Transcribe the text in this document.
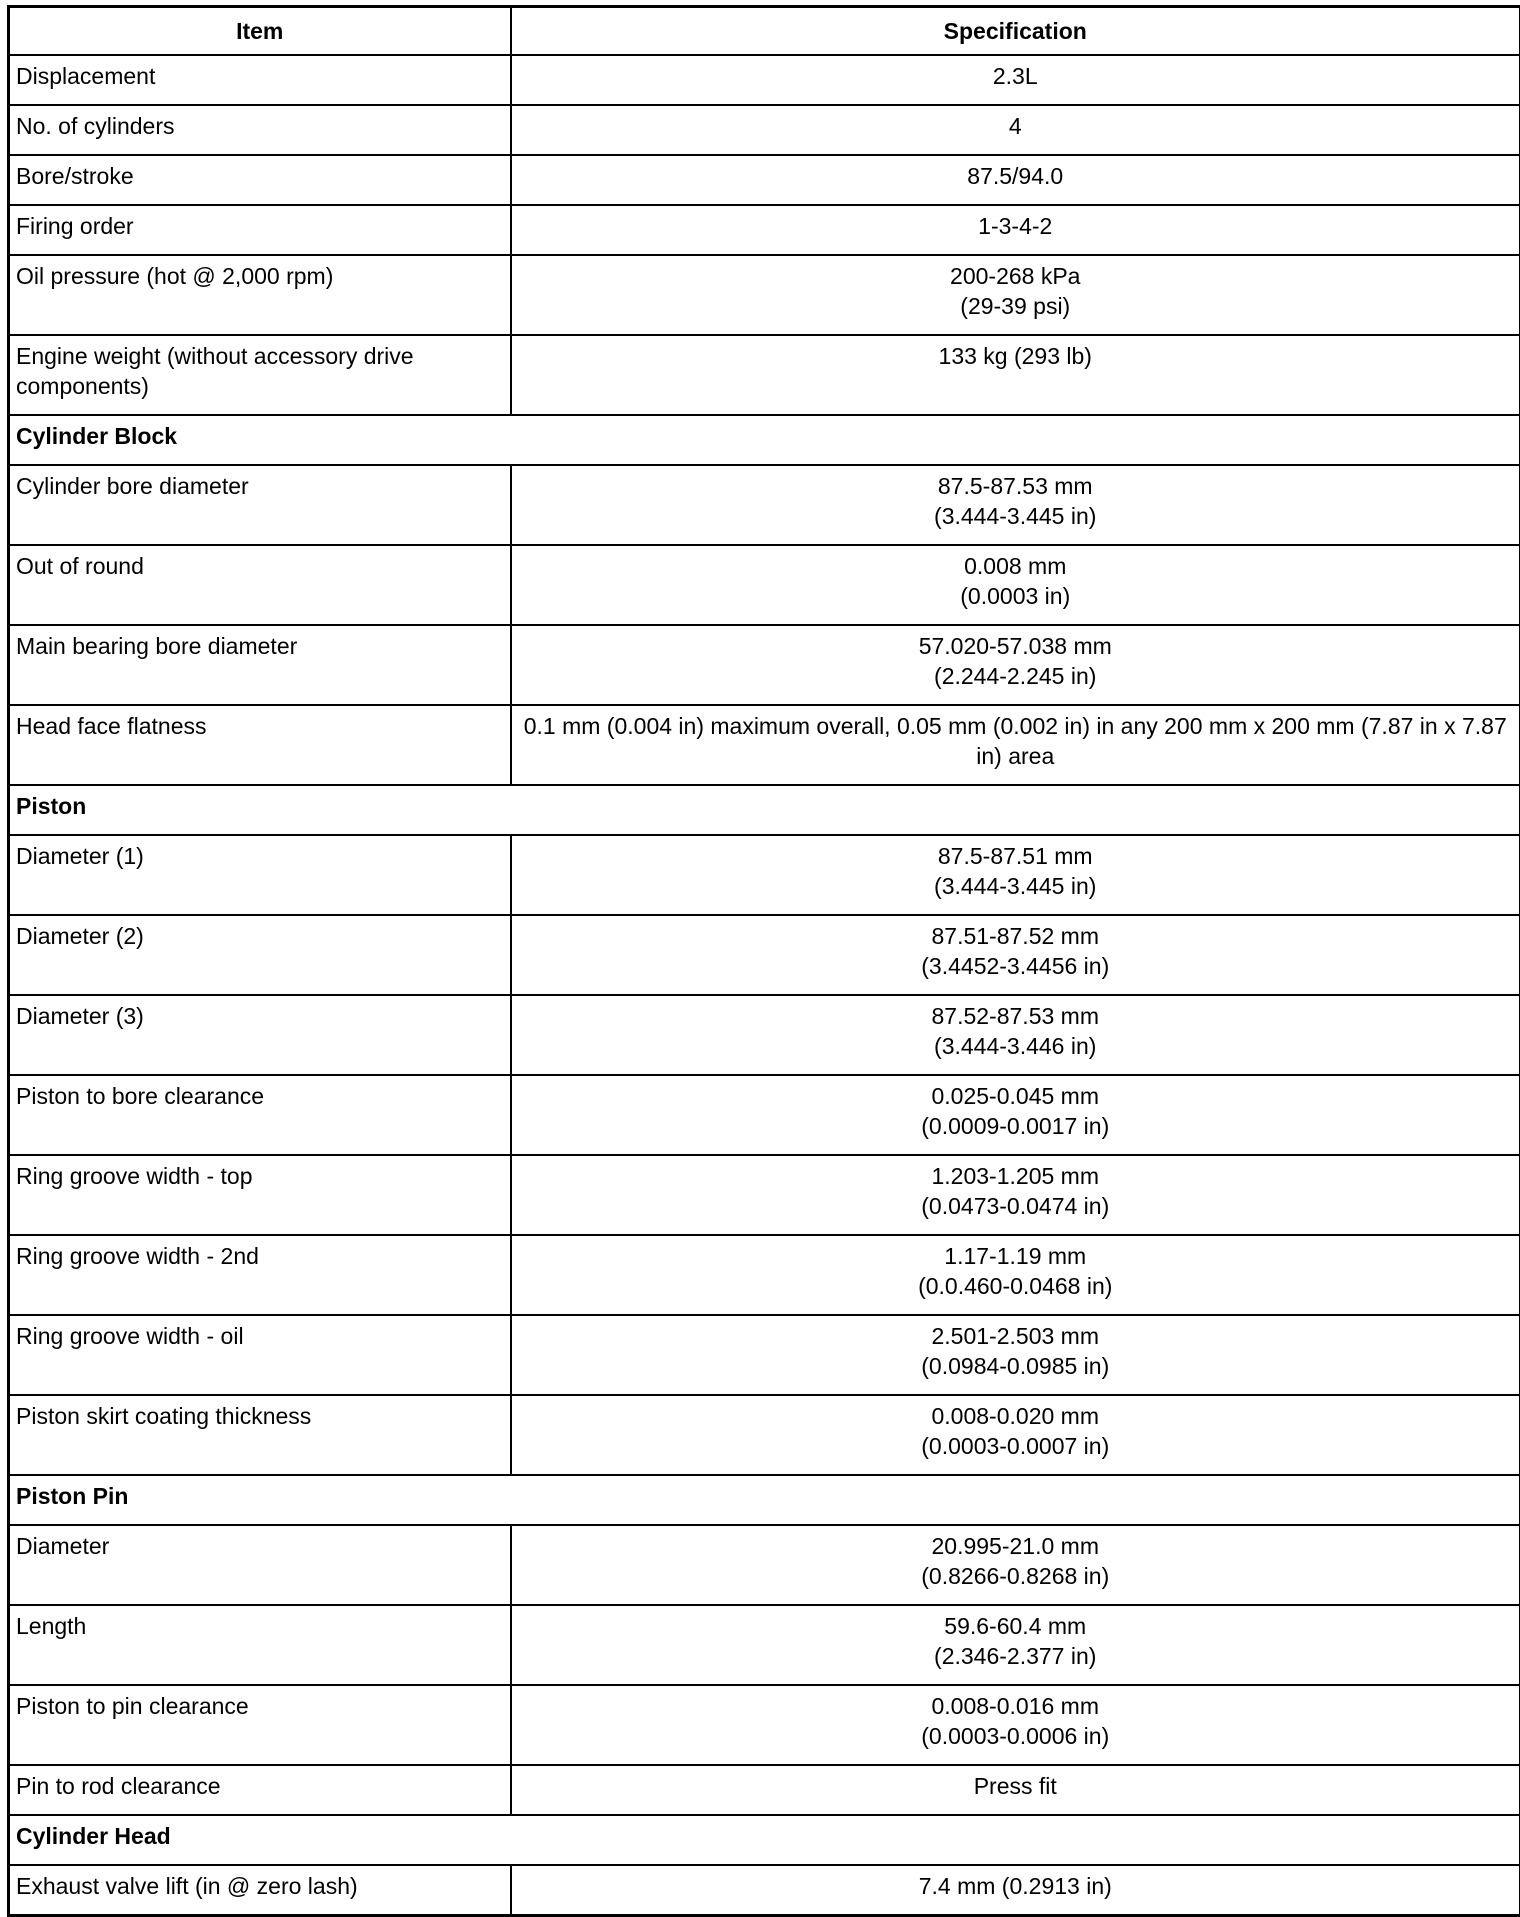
Item	Specification
Displacement	2.3L
No. of cylinders	4
Bore/stroke	87.5/94.0
Firing order	1-3-4-2
Oil pressure (hot @ 2,000 rpm)	200-268 kPa
(29-39 psi)
Engine weight (without accessory drive components)	133 kg (293 lb)
Cylinder Block	
Cylinder bore diameter	87.5-87.53 mm
(3.444-3.445 in)
Out of round	0.008 mm
(0.0003 in)
Main bearing bore diameter	57.020-57.038 mm
(2.244-2.245 in)
Head face flatness	0.1 mm (0.004 in) maximum overall, 0.05 mm (0.002 in) in any 200 mm x 200 mm (7.87 in x 7.87 in) area
Piston	
Diameter (1)	87.5-87.51 mm
(3.444-3.445 in)
Diameter (2)	87.51-87.52 mm
(3.4452-3.4456 in)
Diameter (3)	87.52-87.53 mm
(3.444-3.446 in)
Piston to bore clearance	0.025-0.045 mm
(0.0009-0.0017 in)
Ring groove width - top	1.203-1.205 mm
(0.0473-0.0474 in)
Ring groove width - 2nd	1.17-1.19 mm
(0.0.460-0.0468 in)
Ring groove width - oil	2.501-2.503 mm
(0.0984-0.0985 in)
Piston skirt coating thickness	0.008-0.020 mm
(0.0003-0.0007 in)
Piston Pin	
Diameter	20.995-21.0 mm
(0.8266-0.8268 in)
Length	59.6-60.4 mm
(2.346-2.377 in)
Piston to pin clearance	0.008-0.016 mm
(0.0003-0.0006 in)
Pin to rod clearance	Press fit
Cylinder Head	
Exhaust valve lift (in @ zero lash)	7.4 mm (0.2913 in)
